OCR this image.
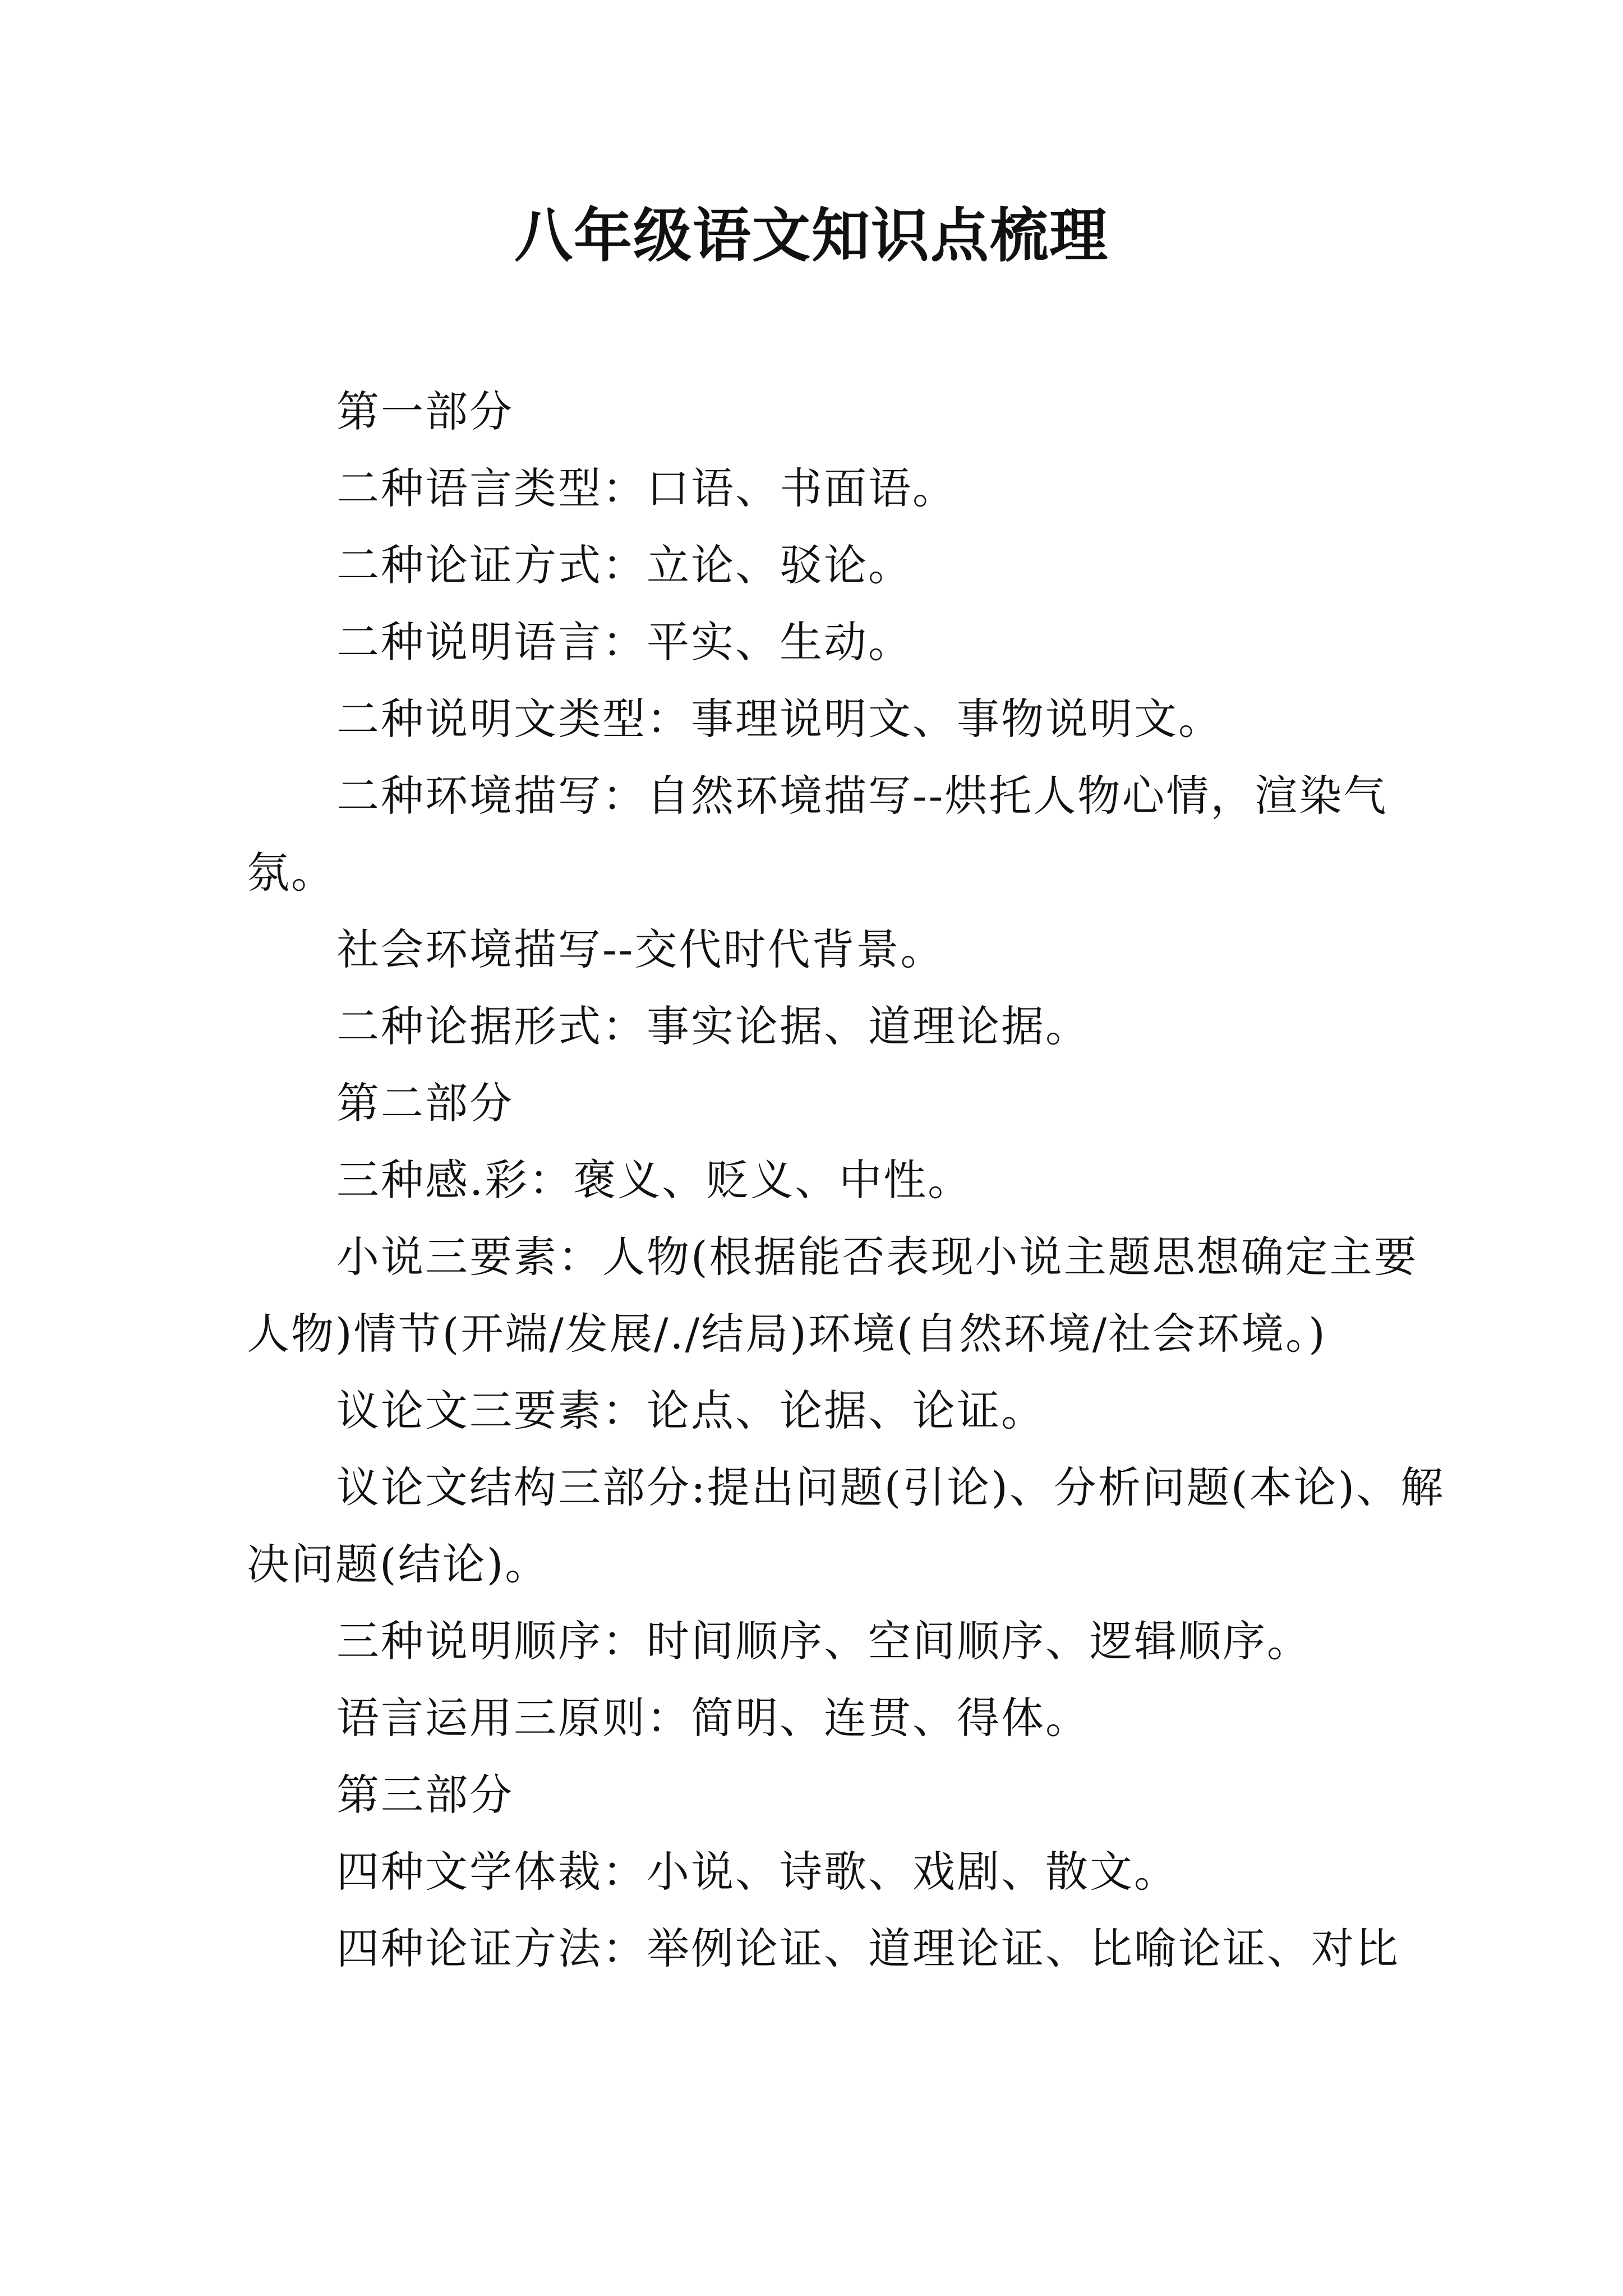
八年级语文知识点梳理

第一部分

二种语言类型：口语、书面语。

二种论证方式：立论、驳论。

二种说明语言：平实、生动。

二种说明文类型：事理说明文、事物说明文。

二种环境描写：自然环境描写--烘托人物心情，渲染气氛。

社会环境描写--交代时代背景。

二种论据形式：事实论据、道理论据。

第二部分

三种感.彩：褒义、贬义、中性。

小说三要素：人物(根据能否表现小说主题思想确定主要人物)情节(开端/发展/./结局)环境(自然环境/社会环境。)

议论文三要素：论点、论据、论证。

议论文结构三部分:提出问题(引论)、分析问题(本论)、解决问题(结论)。

三种说明顺序：时间顺序、空间顺序、逻辑顺序。

语言运用三原则：简明、连贯、得体。

第三部分

四种文学体裁：小说、诗歌、戏剧、散文。

四种论证方法：举例论证、道理论证、比喻论证、对比
